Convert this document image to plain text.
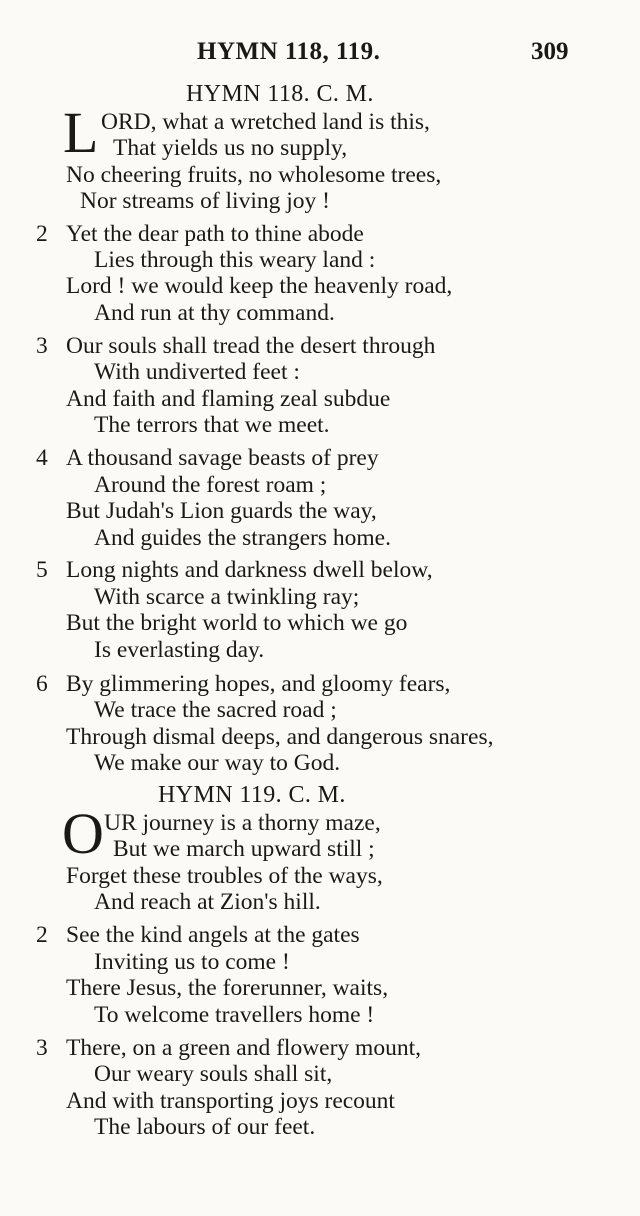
HYMN 118, 119.	309
HYMN 118. C. M.
L ORD, what a wretched land is this,
That yields us no supply,
No cheering fruits, no wholesome trees,
Nor streams of living joy !
2 Yet the dear path to thine abode
Lies through this weary land :
Lord ! we would keep the heavenly road,
And run at thy command.
3 Our souls shall tread the desert through
With undiverted feet :
And faith and flaming zeal subdue
The terrors that we meet.
4 A thousand savage beasts of prey
Around the forest roam ;
But Judah's Lion guards the way,
And guides the strangers home.
5 Long nights and darkness dwell below,
With scarce a twinkling ray;
But the bright world to which we go
Is everlasting day.
6 By glimmering hopes, and gloomy fears,
We trace the sacred road ;
Through dismal deeps, and dangerous snares,
We make our way to God.
HYMN 119. C. M.
O UR journey is a thorny maze,
But we march upward still ;
Forget these troubles of the ways,
And reach at Zion's hill.
2 See the kind angels at the gates
Inviting us to come !
There Jesus, the forerunner, waits,
To welcome travellers home !
3 There, on a green and flowery mount,
Our weary souls shall sit,
And with transporting joys recount
The labours of our feet.
